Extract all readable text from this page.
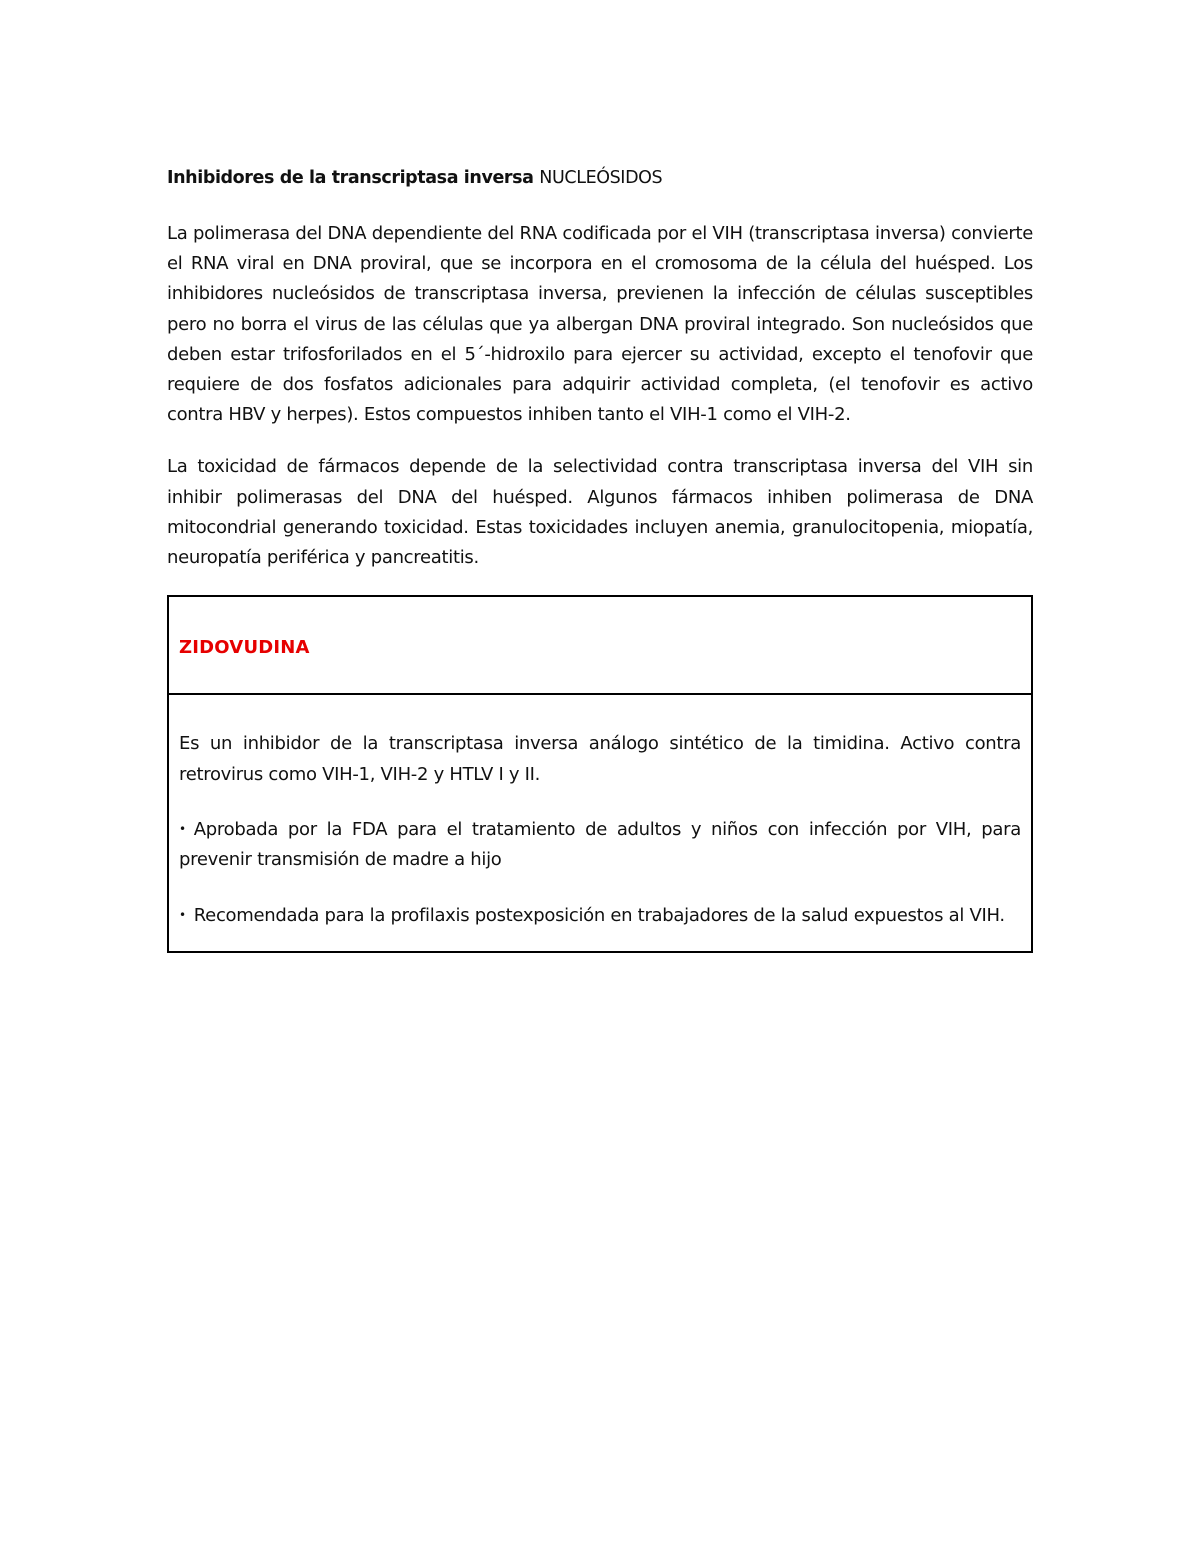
Inhibidores de la transcriptasa inversa NUCLEÓSIDOS

La polimerasa del DNA dependiente del RNA codificada por el VIH (transcriptasa inversa) convierte el RNA viral en DNA proviral, que se incorpora en el cromosoma de la célula del huésped. Los inhibidores nucleósidos de transcriptasa inversa, previenen la infección de células susceptibles pero no borra el virus de las células que ya albergan DNA proviral integrado. Son nucleósidos que deben estar trifosforilados en el 5´-hidroxilo para ejercer su actividad, excepto el tenofovir que requiere de dos fosfatos adicionales para adquirir actividad completa, (el tenofovir es activo contra HBV y herpes). Estos compuestos inhiben tanto el VIH-1 como el VIH-2.

La toxicidad de fármacos depende de la selectividad contra transcriptasa inversa del VIH sin inhibir polimerasas del DNA del huésped. Algunos fármacos inhiben polimerasa de DNA mitocondrial generando toxicidad. Estas toxicidades incluyen anemia, granulocitopenia, miopatía, neuropatía periférica y pancreatitis.

ZIDOVUDINA

Es un inhibidor de la transcriptasa inversa análogo sintético de la timidina. Activo contra retrovirus como VIH-1, VIH-2 y HTLV I y II.

• Aprobada por la FDA para el tratamiento de adultos y niños con infección por VIH, para prevenir transmisión de madre a hijo

• Recomendada para la profilaxis postexposición en trabajadores de la salud expuestos al VIH.
